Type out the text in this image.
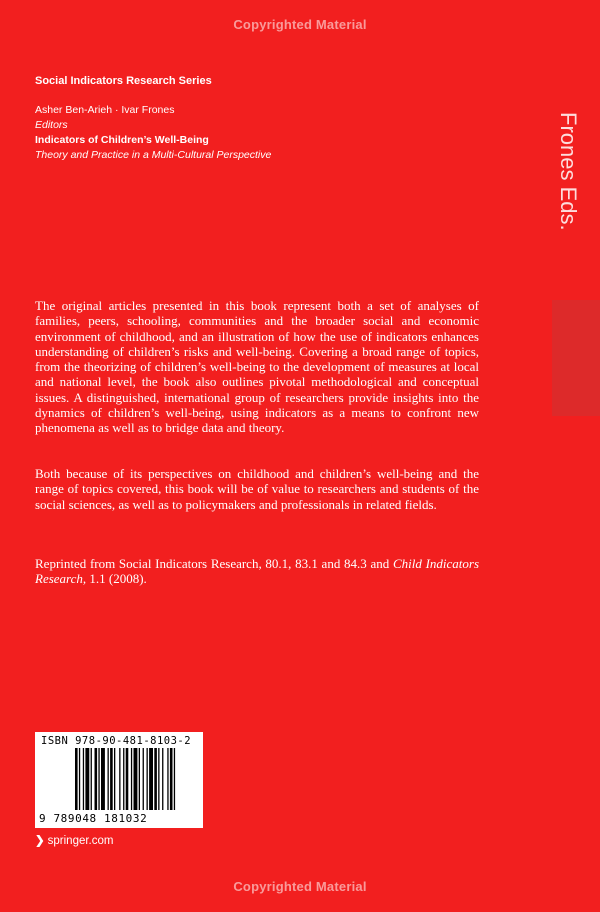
Copyrighted Material
Social Indicators Research Series
Asher Ben-Arieh · Ivar Frones
Editors
Indicators of Children’s Well-Being
Theory and Practice in a Multi-Cultural Perspective	Frones Eds.
The original articles presented in this book represent both a set of analyses of families, peers, schooling, communities and the broader social and economic environment of childhood, and an illustration of how the use of indicators enhances understanding of children’s risks and well-being. Covering a broad range of topics, from the theorizing of children’s well-being to the development of measures at local and national level, the book also outlines pivotal methodological and conceptual issues. A distinguished, international group of researchers provide insights into the dynamics of children’s well-being, using indicators as a means to confront new phenomena as well as to bridge data and theory.
Both because of its perspectives on childhood and children’s well-being and the range of topics covered, this book will be of value to researchers and students of the social sciences, as well as to policymakers and professionals in related fields.
Reprinted from Social Indicators Research, 80.1, 83.1 and 84.3 and Child Indicators Research, 1.1 (2008).
ISBN 978-90-481-8103-2
9 789048 181032
❯ springer.com
Copyrighted Material
